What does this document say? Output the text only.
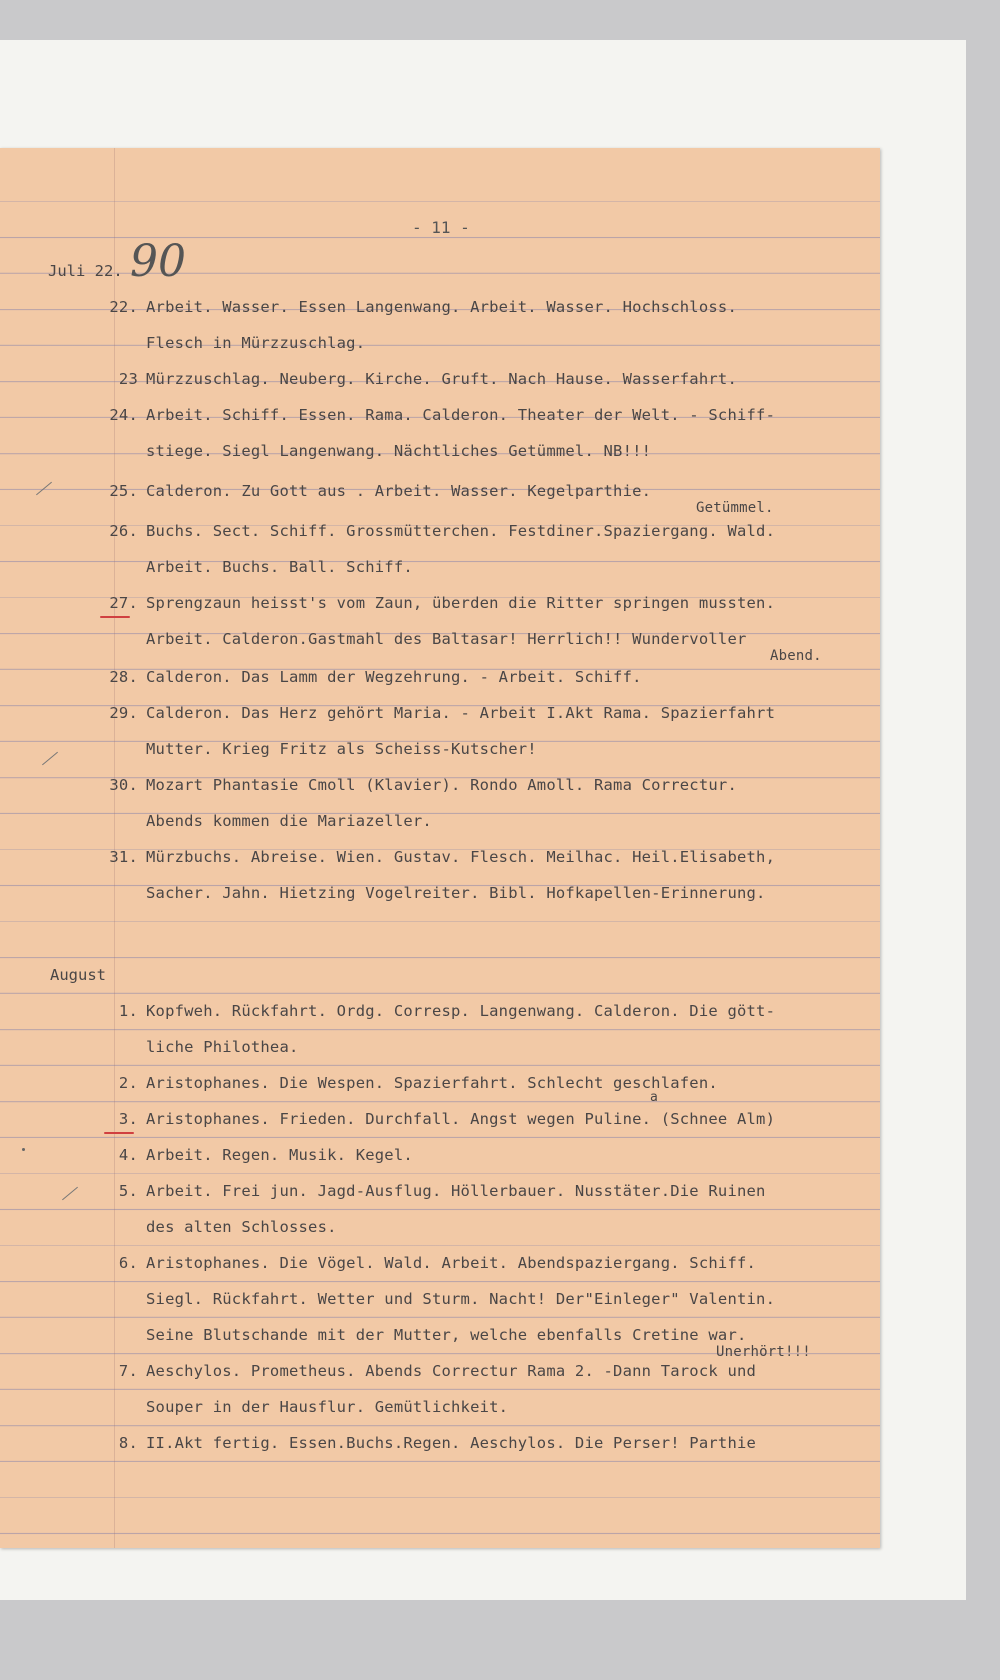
- 11 -
Juli 22. 90
22. Arbeit. Wasser. Essen Langenwang. Arbeit. Wasser. Hochschloss.
Flesch in Mürzzuschlag.
23 Mürzzuschlag. Neuberg. Kirche. Gruft. Nach Hause. Wasserfahrt.
24. Arbeit. Schiff. Essen. Rama. Calderon. Theater der Welt. - Schiff-
stiege. Siegl Langenwang. Nächtliches Getümmel. NB!!!
25. Calderon. Zu Gott aus . Arbeit. Wasser. Kegelparthie.
Getümmel.
26. Buchs. Sect. Schiff. Grossmütterchen. Festdiner.Spaziergang. Wald.
Arbeit. Buchs. Ball. Schiff.
27. Sprengzaun heisst's vom Zaun, überden die Ritter springen mussten.
Arbeit. Calderon.Gastmahl des Baltasar! Herrlich!! Wundervoller
Abend.
28. Calderon. Das Lamm der Wegzehrung. - Arbeit. Schiff.
29. Calderon. Das Herz gehört Maria. - Arbeit I.Akt Rama. Spazierfahrt
Mutter. Krieg Fritz als Scheiss-Kutscher!
30. Mozart Phantasie Cmoll (Klavier). Rondo Amoll. Rama Correctur.
Abends kommen die Mariazeller.
31. Mürzbuchs. Abreise. Wien. Gustav. Flesch. Meilhac. Heil.Elisabeth,
Sacher. Jahn. Hietzing Vogelreiter. Bibl. Hofkapellen-Erinnerung.
August
1. Kopfweh. Rückfahrt. Ordg. Corresp. Langenwang. Calderon. Die gött-
liche Philothea.
2. Aristophanes. Die Wespen. Spazierfahrt. Schlecht geschlafen.
a
3. Aristophanes. Frieden. Durchfall. Angst wegen Puline. (Schnee Alm)
4. Arbeit. Regen. Musik. Kegel.
5. Arbeit. Frei jun. Jagd-Ausflug. Höllerbauer. Nusstäter.Die Ruinen
des alten Schlosses.
6. Aristophanes. Die Vögel. Wald. Arbeit. Abendspaziergang. Schiff.
Siegl. Rückfahrt. Wetter und Sturm. Nacht! Der"Einleger" Valentin.
Seine Blutschande mit der Mutter, welche ebenfalls Cretine war.
Unerhört!!!
7. Aeschylos. Prometheus. Abends Correctur Rama 2. -Dann Tarock und
Souper in der Hausflur. Gemütlichkeit.
8. II.Akt fertig. Essen.Buchs.Regen. Aeschylos. Die Perser! Parthie
